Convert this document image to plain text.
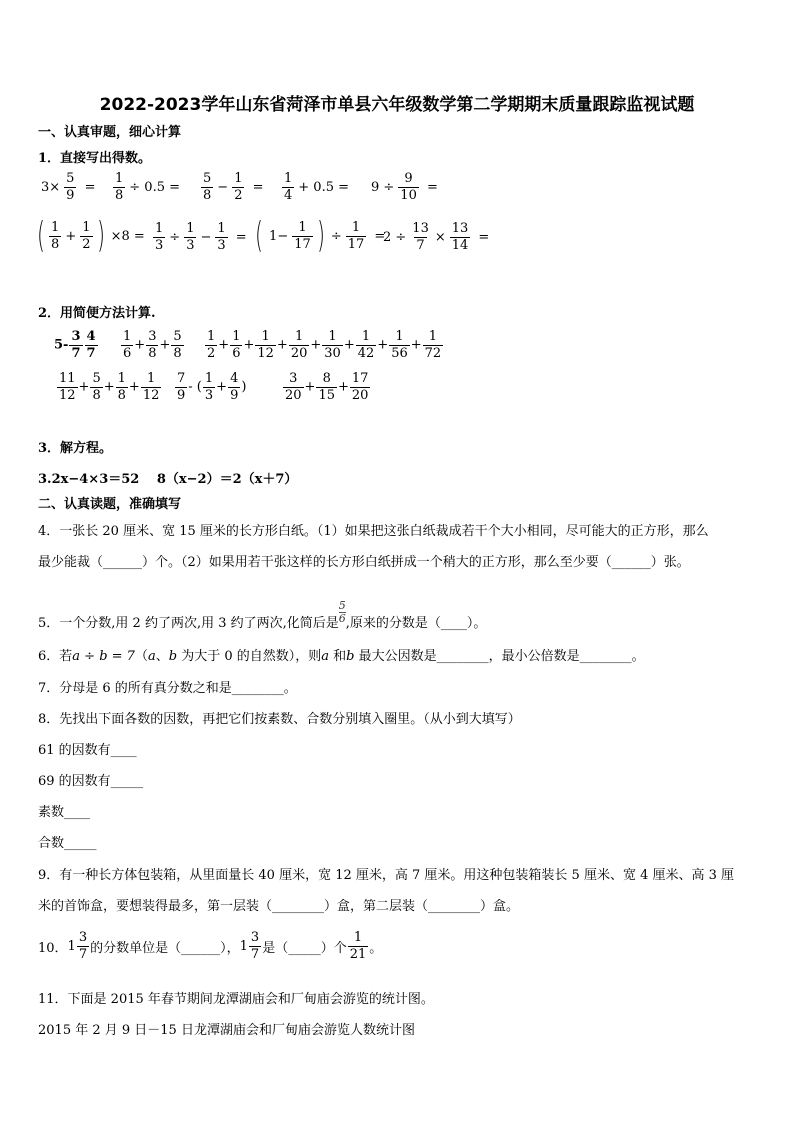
2022-2023学年山东省菏泽市单县六年级数学第二学期期末质量跟踪监视试题
一、认真审题，细心计算
1．直接写出得数。
$3\times \frac{5}{9} = \frac{1}{8} \div 0.5 = \frac{5}{8} - \frac{1}{2} = \frac{1}{4} + 0.5 = 9 \div \frac{9}{10}$ =
( $\frac{1}{8} + \frac{1}{2}$ ) $\times 8 = \frac{1}{3} \div \frac{1}{3} - \frac{1}{3}$ = ( $1- \frac{1}{17}$ ) ÷ $\frac{1}{17}$ =
$2 \div \frac{13}{7} \times \frac{13}{14}$ =
2．用简便方法计算.
$5- \frac{3}{7} \frac{4}{7} \frac{1}{6} + \frac{3}{8} + \frac{5}{8} \frac{1}{2} + \frac{1}{6} + \frac{1}{12} + \frac{1}{20} + \frac{1}{30} + \frac{1}{42} + \frac{1}{56} + \frac{1}{72}$
$\frac{11}{12} + \frac{5}{8} + \frac{1}{8} + \frac{1}{12} \frac{7}{9}$ - ( $\frac{1}{3} + \frac{4}{9}$ )	$\frac{3}{20} + \frac{8}{15} + \frac{17}{20}$
3．解方程。
3.2x−4×3＝52　 8（x−2）＝2（x＋7）
二、认真读题，准确填写
4．一张长 20 厘米、宽 15 厘米的长方形白纸。（1）如果把这张白纸裁成若干个大小相同，尽可能大的正方形，那么
最少能裁（______）个。（2）如果用若干张这样的长方形白纸拼成一个稍大的正方形，那么至少要（______）张。
5．一个分数,用 2 约了两次,用 3 约了两次,化简后是 $\frac{5}{6}$ ,原来的分数是（____）。
6．若a ÷ b = 7（a、b 为大于 0 的自然数），则a 和b 最大公因数是________，最小公倍数是________。
7．分母是 6 的所有真分数之和是________。
8．先找出下面各数的因数，再把它们按素数、合数分别填入圈里。（从小到大填写）
61 的因数有____
69 的因数有_____
素数____
合数_____
9．有一种长方体包装箱，从里面量长 40 厘米，宽 12 厘米，高 7 厘米。用这种包装箱装长 5 厘米、宽 4 厘米、高 3 厘
米的首饰盒，要想装得最多，第一层装（________）盒，第二层装（________）盒。
10． $1 \frac{3}{7}$ 的分数单位是（______）， $1 \frac{3}{7}$ 是（_____）个 $\frac{1}{21}$ 。
11．下面是 2015 年春节期间龙潭湖庙会和厂甸庙会游览的统计图。
2015 年 2 月 9 日－15 日龙潭湖庙会和厂甸庙会游览人数统计图
